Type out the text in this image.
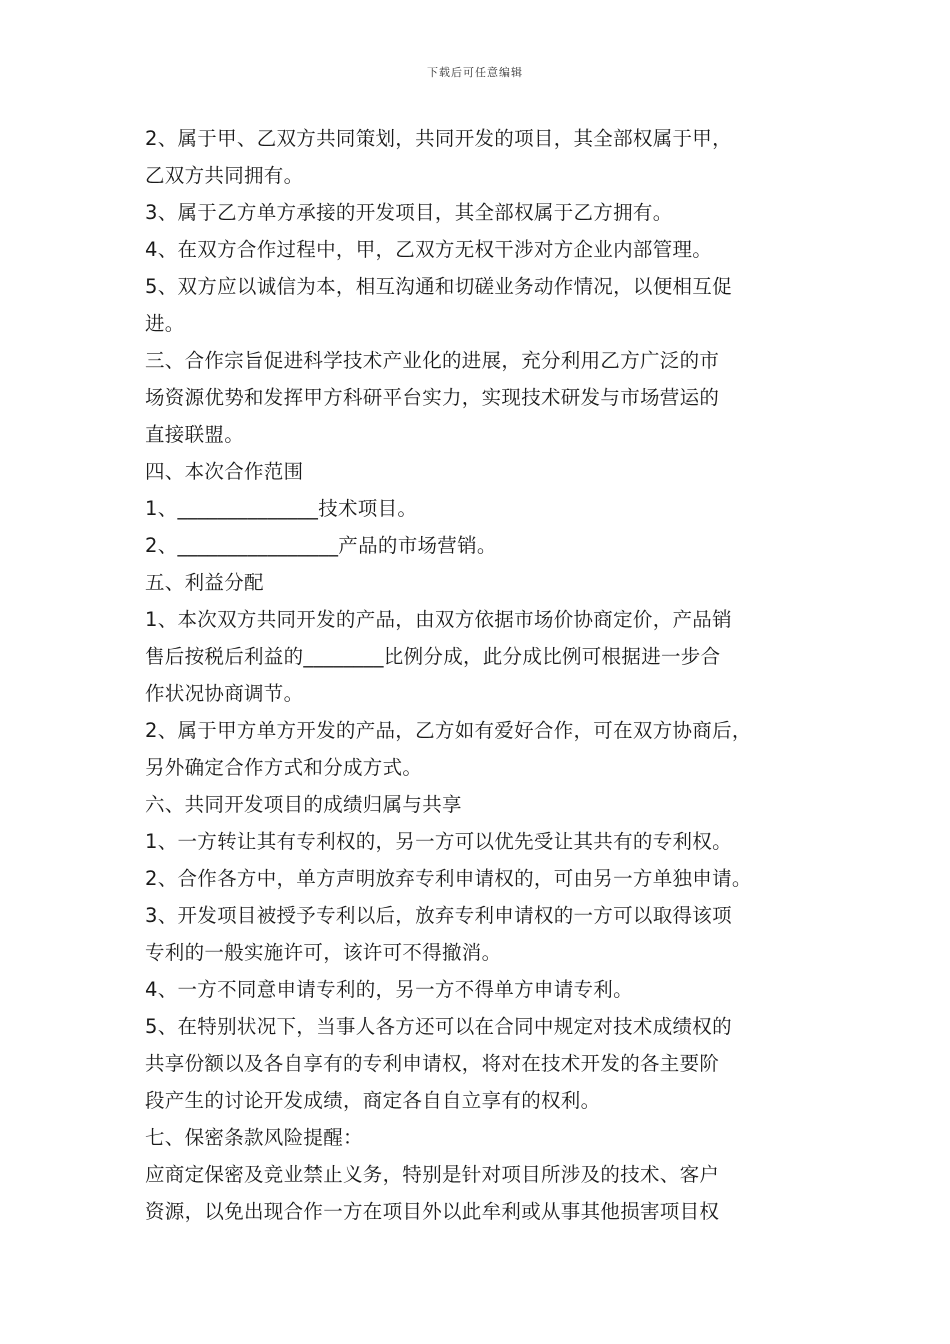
下载后可任意编辑
2、属于甲、乙双方共同策划，共同开发的项目，其全部权属于甲，
乙双方共同拥有。
3、属于乙方单方承接的开发项目，其全部权属于乙方拥有。
4、在双方合作过程中，甲，乙双方无权干涉对方企业内部管理。
5、双方应以诚信为本，相互沟通和切磋业务动作情况，以便相互促
进。
三、合作宗旨促进科学技术产业化的进展，充分利用乙方广泛的市
场资源优势和发挥甲方科研平台实力，实现技术研发与市场营运的
直接联盟。
四、本次合作范围
1、______________技术项目。
2、________________产品的市场营销。
五、利益分配
1、本次双方共同开发的产品，由双方依据市场价协商定价，产品销
售后按税后利益的________比例分成，此分成比例可根据进一步合
作状况协商调节。
2、属于甲方单方开发的产品，乙方如有爱好合作，可在双方协商后，
另外确定合作方式和分成方式。
六、共同开发项目的成绩归属与共享
1、一方转让其有专利权的，另一方可以优先受让其共有的专利权。
2、合作各方中，单方声明放弃专利申请权的，可由另一方单独申请。
3、开发项目被授予专利以后，放弃专利申请权的一方可以取得该项
专利的一般实施许可，该许可不得撤消。
4、一方不同意申请专利的，另一方不得单方申请专利。
5、在特别状况下，当事人各方还可以在合同中规定对技术成绩权的
共享份额以及各自享有的专利申请权，将对在技术开发的各主要阶
段产生的讨论开发成绩，商定各自自立享有的权利。
七、保密条款风险提醒：
应商定保密及竞业禁止义务，特别是针对项目所涉及的技术、客户
资源，以免出现合作一方在项目外以此牟利或从事其他损害项目权
